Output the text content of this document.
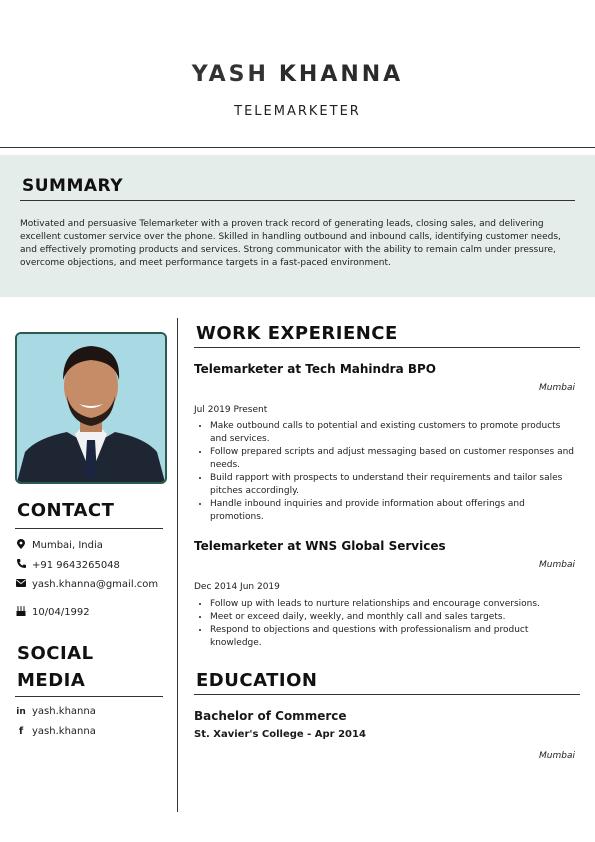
YASH KHANNA
TELEMARKETER
SUMMARY
Motivated and persuasive Telemarketer with a proven track record of generating leads, closing sales, and delivering excellent customer service over the phone. Skilled in handling outbound and inbound calls, identifying customer needs, and effectively promoting products and services. Strong communicator with the ability to remain calm under pressure, overcome objections, and meet performance targets in a fast-paced environment.
CONTACT
Mumbai, India
+91 9643265048
yash.khanna@gmail.com
10/04/1992
SOCIAL MEDIA
in yash.khanna
f yash.khanna
WORK EXPERIENCE
Telemarketer at Tech Mahindra BPO
Mumbai
Jul 2019 Present
• Make outbound calls to potential and existing customers to promote products and services.
• Follow prepared scripts and adjust messaging based on customer responses and needs.
• Build rapport with prospects to understand their requirements and tailor sales pitches accordingly.
• Handle inbound inquiries and provide information about offerings and promotions.
Telemarketer at WNS Global Services
Mumbai
Dec 2014 Jun 2019
• Follow up with leads to nurture relationships and encourage conversions.
• Meet or exceed daily, weekly, and monthly call and sales targets.
• Respond to objections and questions with professionalism and product knowledge.
EDUCATION
Bachelor of Commerce
St. Xavier's College - Apr 2014
Mumbai
